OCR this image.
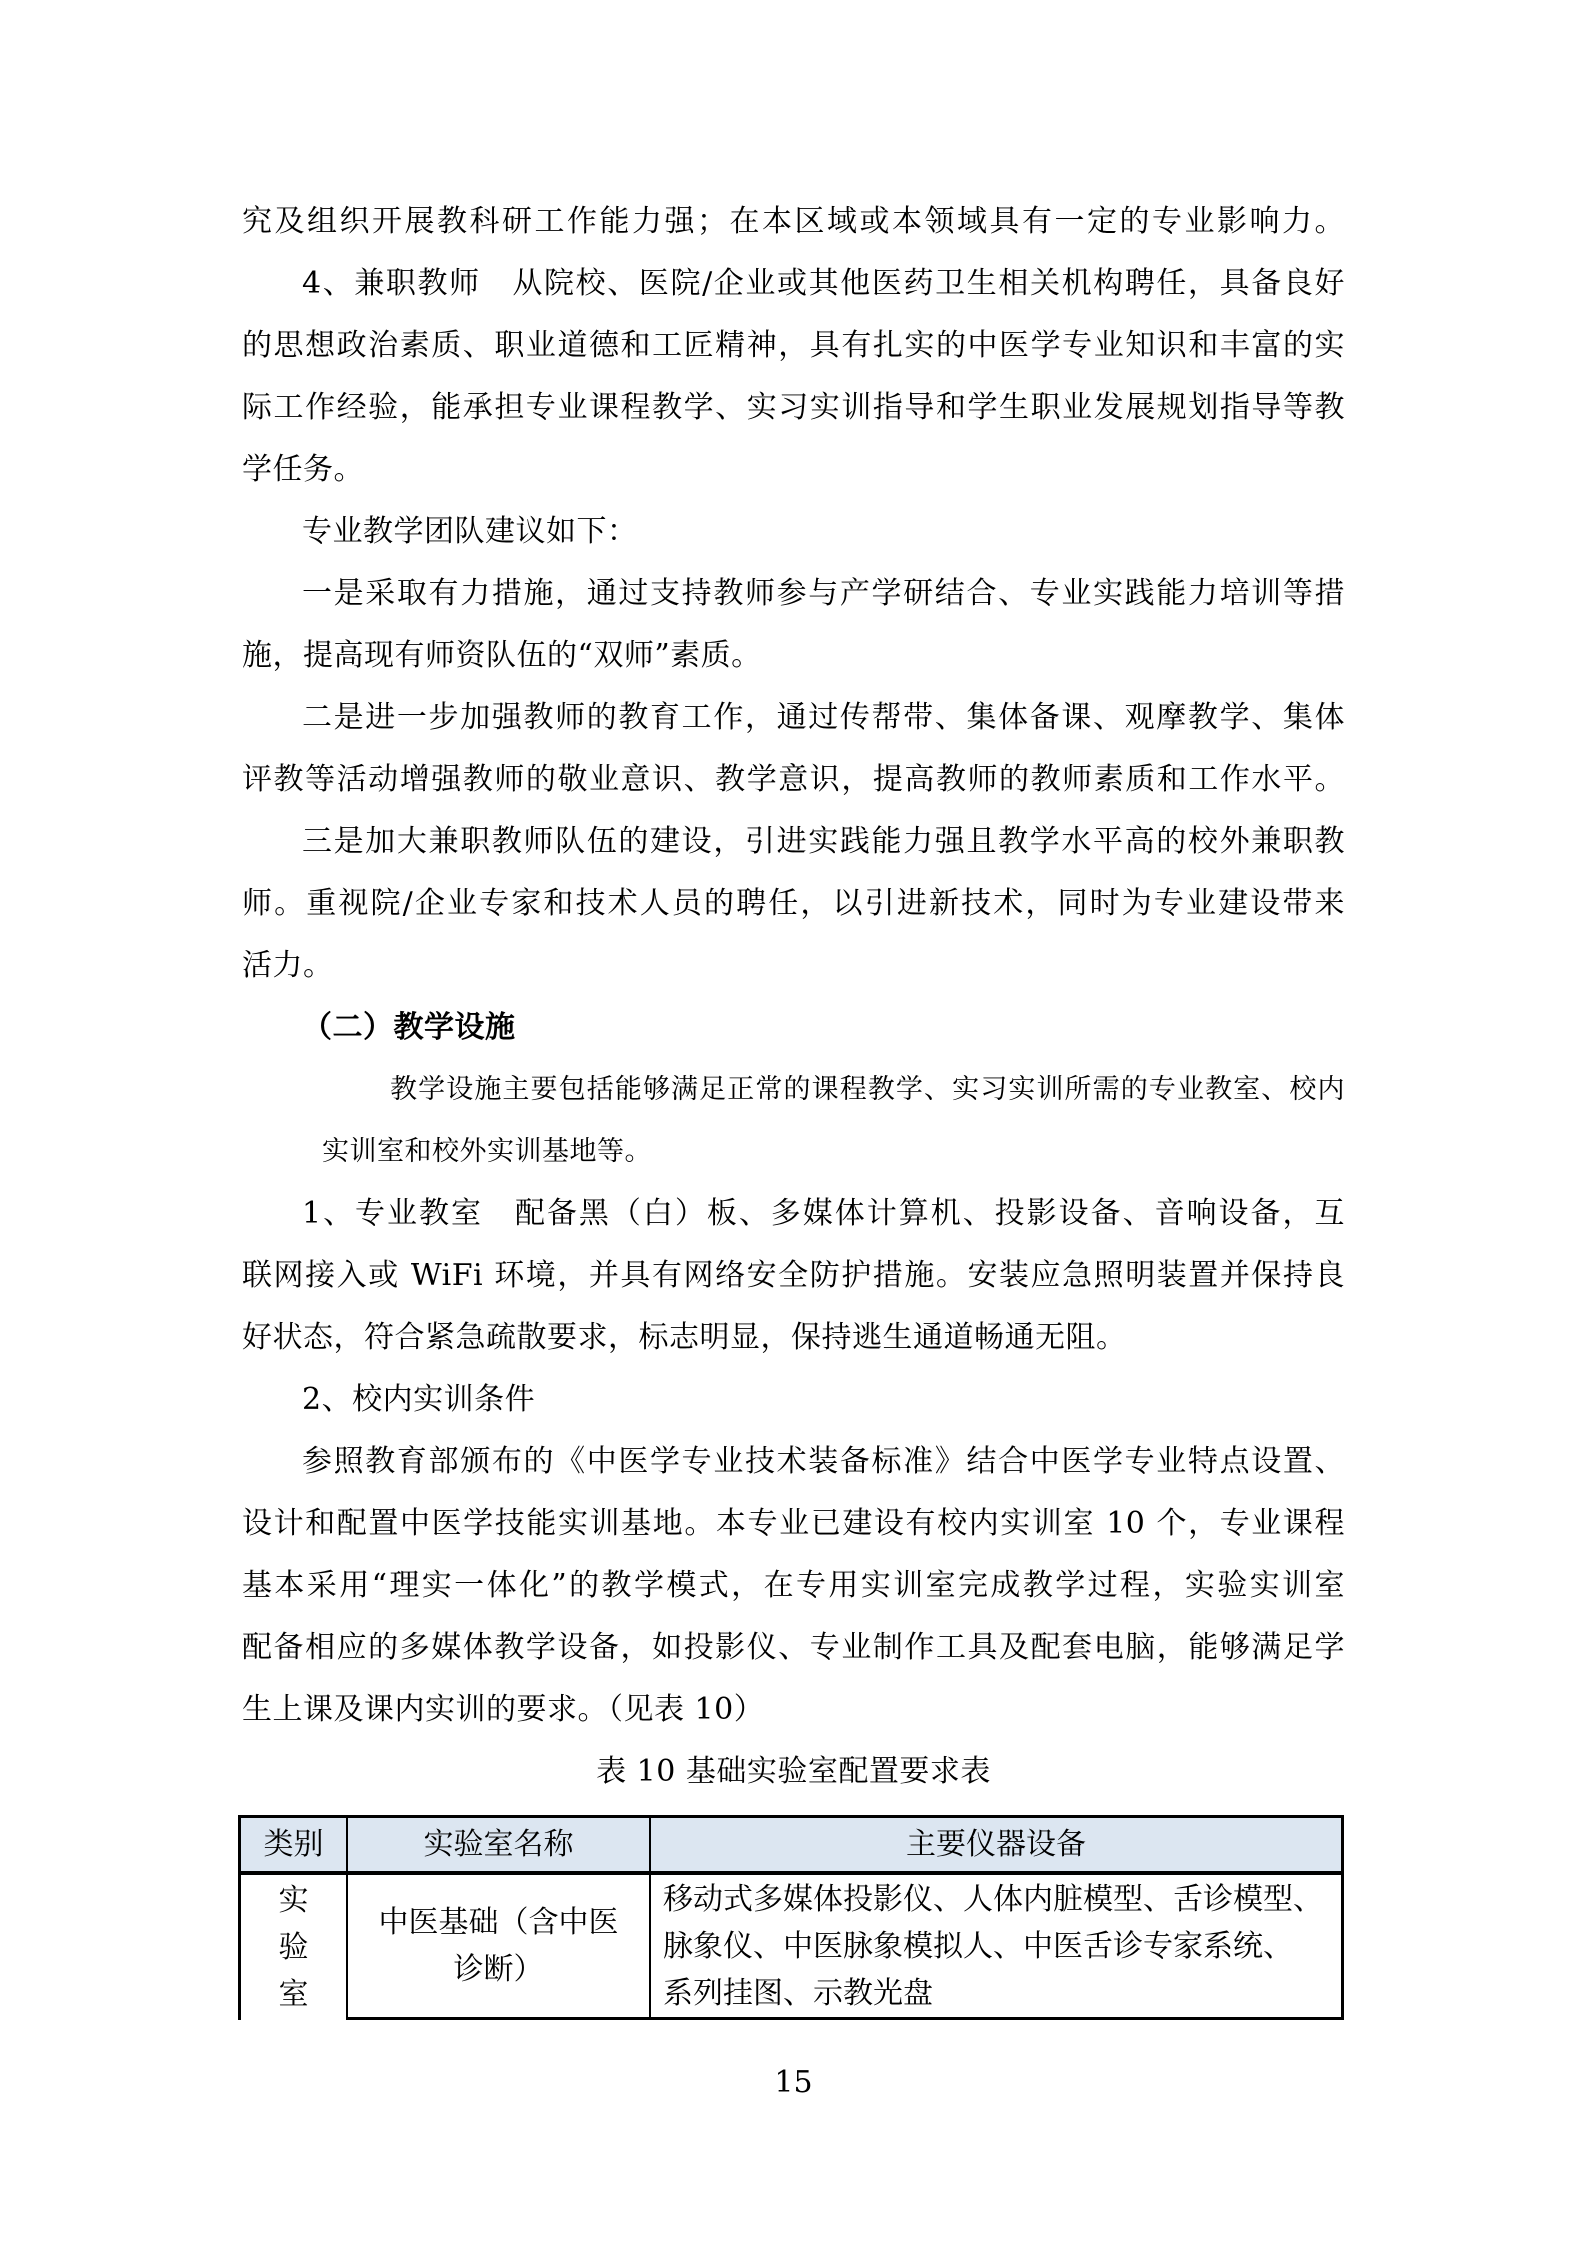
究及组织开展教科研工作能力强；在本区域或本领域具有一定的专业影响力。
4、兼职教师　从院校、医院/企业或其他医药卫生相关机构聘任，具备良好
的思想政治素质、职业道德和工匠精神，具有扎实的中医学专业知识和丰富的实
际工作经验，能承担专业课程教学、实习实训指导和学生职业发展规划指导等教
学任务。
专业教学团队建议如下：
一是采取有力措施，通过支持教师参与产学研结合、专业实践能力培训等措
施，提高现有师资队伍的“双师”素质。
二是进一步加强教师的教育工作，通过传帮带、集体备课、观摩教学、集体
评教等活动增强教师的敬业意识、教学意识，提高教师的教师素质和工作水平。
三是加大兼职教师队伍的建设，引进实践能力强且教学水平高的校外兼职教
师。重视院/企业专家和技术人员的聘任，以引进新技术，同时为专业建设带来
活力。
（二）教学设施
教学设施主要包括能够满足正常的课程教学、实习实训所需的专业教室、校内
实训室和校外实训基地等。
1、专业教室　配备黑（白）板、多媒体计算机、投影设备、音响设备，互
联网接入或 WiFi 环境，并具有网络安全防护措施。安装应急照明装置并保持良
好状态，符合紧急疏散要求，标志明显，保持逃生通道畅通无阻。
2、校内实训条件
参照教育部颁布的《中医学专业技术装备标准》结合中医学专业特点设置、
设计和配置中医学技能实训基地。本专业已建设有校内实训室 10 个，专业课程
基本采用“理实一体化”的教学模式，在专用实训室完成教学过程，实验实训室
配备相应的多媒体教学设备，如投影仪、专业制作工具及配套电脑，能够满足学
生上课及课内实训的要求。（见表 10）
表 10 基础实验室配置要求表
类别	实验室名称	主要仪器设备
实验室
中医基础（含中医
诊断）
移动式多媒体投影仪、人体内脏模型、舌诊模型、
脉象仪、中医脉象模拟人、中医舌诊专家系统、
系列挂图、示教光盘
15
